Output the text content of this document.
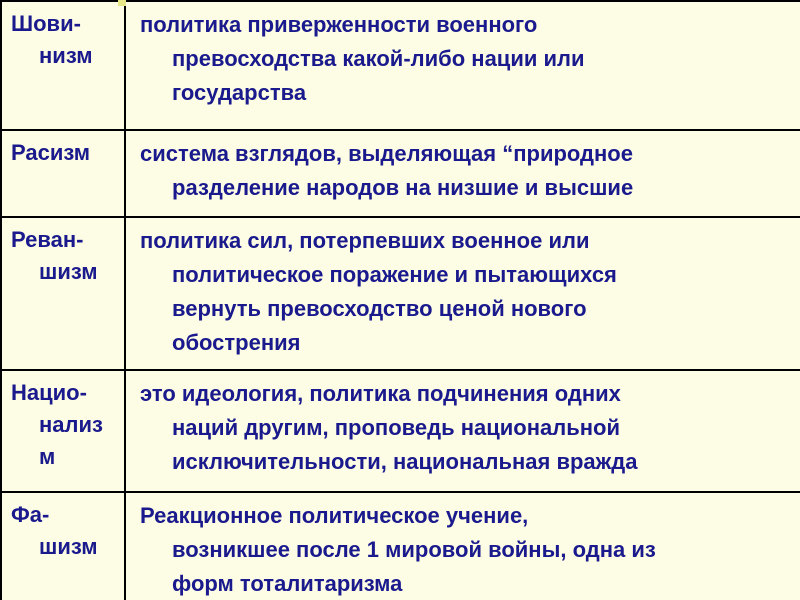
Шови-
низм	политика приверженности военного
превосходства какой-либо нации или
государства

Расизм	система взглядов, выделяющая “природное
разделение народов на низшие и высшие

Реван-
шизм	политика сил, потерпевших военное или
политическое поражение и пытающихся
вернуть превосходство ценой нового
обострения

Нацио-
нализ
м	это идеология, политика подчинения одних
наций другим, проповедь национальной
исключительности, национальная вражда

Фа-
шизм	Реакционное политическое учение,
возникшее после 1 мировой войны, одна из
форм тоталитаризма
